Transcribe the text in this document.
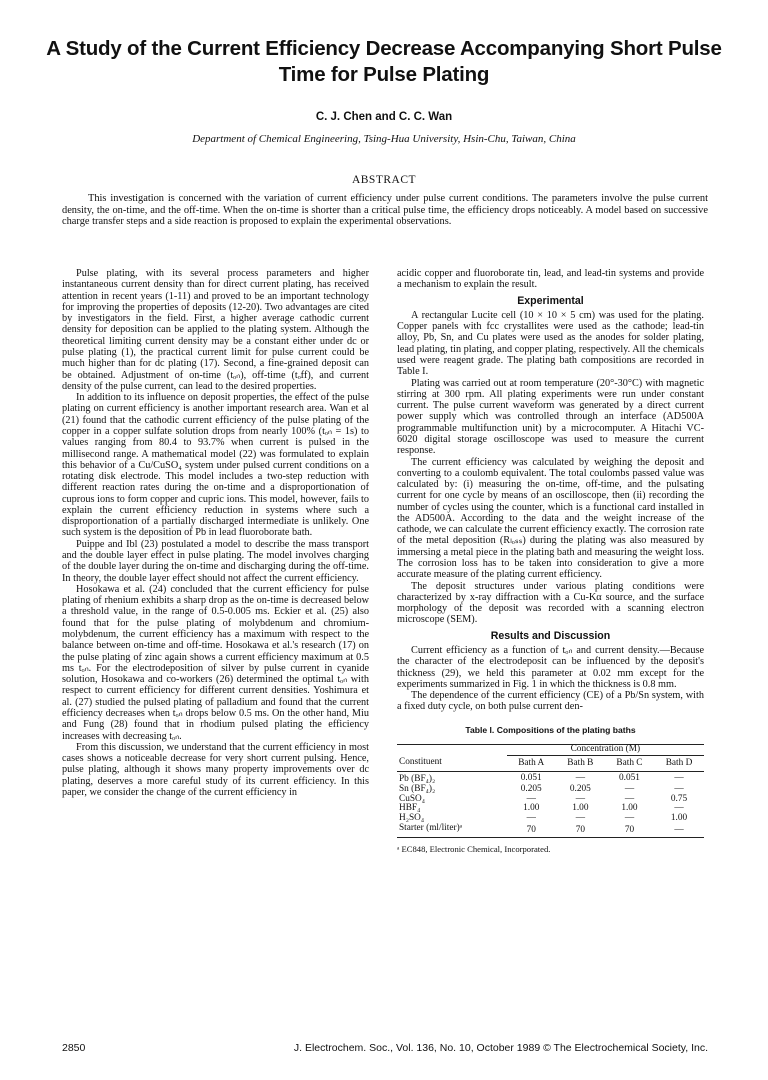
A Study of the Current Efficiency Decrease Accompanying Short Pulse Time for Pulse Plating
C. J. Chen and C. C. Wan
Department of Chemical Engineering, Tsing-Hua University, Hsin-Chu, Taiwan, China
ABSTRACT

This investigation is concerned with the variation of current efficiency under pulse current conditions. The parameters involve the pulse current density, the on-time, and the off-time. When the on-time is shorter than a critical pulse time, the efficiency drops noticeably. A model based on successive charge transfer steps and a side reaction is proposed to explain the experimental observations.

Pulse plating, with its several process parameters and higher instantaneous current density than for direct current plating, has received attention in recent years (1-11) and proved to be an important technology for improving the properties of deposits (12-20). Two advantages are cited by investigators in the field. First, a higher average cathodic current density for deposition can be applied to the plating system. Although the theoretical limiting current density may be a constant either under dc or pulse plating (1), the practical current limit for pulse current could be much higher than for dc plating (17). Second, a fine-grained deposit can be obtained. Adjustment of on-time (tₒₙ), off-time (tₒff), and current density of the pulse current, can lead to the desired properties.

In addition to its influence on deposit properties, the effect of the pulse plating on current efficiency is another important research area. Wan et al (21) found that the cathodic current efficiency of the pulse plating of the copper in a copper sulfate solution drops from nearly 100% (tₒₙ = 1s) to values ranging from 80.4 to 93.7% when current is pulsed in the millisecond range. A mathematical model (22) was formulated to explain this behavior of a Cu/CuSO₄ system under pulsed current conditions on a rotating disk electrode. This model includes a two-step reduction with different reaction rates during the on-time and a disproportionation of cuprous ions to form copper and cupric ions. This model, however, fails to explain the current efficiency reduction in systems where such a disproportionation of a partially discharged intermediate is unlikely. One such system is the deposition of Pb in lead fluoroborate bath.

Puippe and Ibl (23) postulated a model to describe the mass transport and the double layer effect in pulse plating. The model involves charging of the double layer during the on-time and discharging during the off-time. In theory, the double layer effect should not affect the current efficiency.

Hosokawa et al. (24) concluded that the current efficiency for pulse plating of rhenium exhibits a sharp drop as the on-time is decreased below a threshold value, in the range of 0.5-0.005 ms. Eckier et al. (25) also found that for the pulse plating of molybdenum and chromium-molybdenum, the current efficiency has a maximum with respect to the balance between on-time and off-time. Hosokawa et al.'s research (17) on the pulse plating of zinc again shows a current efficiency maximum at 0.5 ms tₒₙ. For the electrodeposition of silver by pulse current in cyanide solution, Hosokawa and co-workers (26) determined the optimal tₒₙ with respect to current efficiency for different current densities. Yoshimura et al. (27) studied the pulsed plating of palladium and found that the current efficiency decreases when tₒₙ drops below 0.5 ms. On the other hand, Miu and Fung (28) found that in rhodium pulsed plating the efficiency increases with decreasing tₒₙ.

From this discussion, we understand that the current efficiency in most cases shows a noticeable decrease for very short current pulsing. Hence, pulse plating, although it shows many property improvements over dc plating, deserves a more careful study of its current efficiency. In this paper, we consider the change of the current efficiency in

acidic copper and fluoroborate tin, lead, and lead-tin systems and provide a mechanism to explain the result.

Experimental

A rectangular Lucite cell (10 × 10 × 5 cm) was used for the plating. Copper panels with fcc crystallites were used as the cathode; lead-tin alloy, Pb, Sn, and Cu plates were used as the anodes for solder plating, lead plating, tin plating, and copper plating, respectively. All the chemicals used were reagent grade. The plating bath compositions are recorded in Table I.

Plating was carried out at room temperature (20°-30°C) with magnetic stirring at 300 rpm. All plating experiments were run under constant current. The pulse current waveform was generated by a direct current power supply which was controlled through an interface (AD500A programmable multifunction unit) by a microcomputer. A Hitachi VC-6020 digital storage oscilloscope was used to measure the current response.

The current efficiency was calculated by weighing the deposit and converting to a coulomb equivalent. The total coulombs passed value was calculated by: (i) measuring the on-time, off-time, and the pulsating current for one cycle by means of an oscilloscope, then (ii) recording the number of cycles using the counter, which is a functional card installed in the AD500A. According to the data and the weight increase of the cathode, we can calculate the current efficiency exactly. The corrosion rate of the metal deposition (Rₗₒₛₛ) during the plating was also measured by immersing a metal piece in the plating bath and measuring the weight loss. The corrosion loss has to be taken into consideration to give a more accurate measure of the plating current efficiency.

The deposit structures under various plating conditions were characterized by x-ray diffraction with a Cu-Kα source, and the surface morphology of the deposit was recorded with a scanning electron microscope (SEM).

Results and Discussion

Current efficiency as a function of tₒₙ and current density.—Because the character of the electrodeposit can be influenced by the deposit's thickness (29), we held this parameter at 0.02 mm except for the experiments summarized in Fig. 1 in which the thickness is 0.8 mm.

The dependence of the current efficiency (CE) of a Pb/Sn system, with a fixed duty cycle, on both pulse current den-

Table I. Compositions of the plating baths
	Concentration (M)			
Constituent	Bath A	Bath B	Bath C	Bath D
Pb (BF₄)₂	0.051	—	0.051	—
Sn (BF₄)₂	0.205	0.205	—	—
CuSO₄	—	—	—	0.75
HBF₄	1.00	1.00	1.00	—
H₂SO₄	—	—	—	1.00
Starter (ml/liter)ᵃ	70	70	70	—
ᵃ EC848, Electronic Chemical, Incorporated.
2850	J. Electrochem. Soc., Vol. 136, No. 10, October 1989 © The Electrochemical Society, Inc.
